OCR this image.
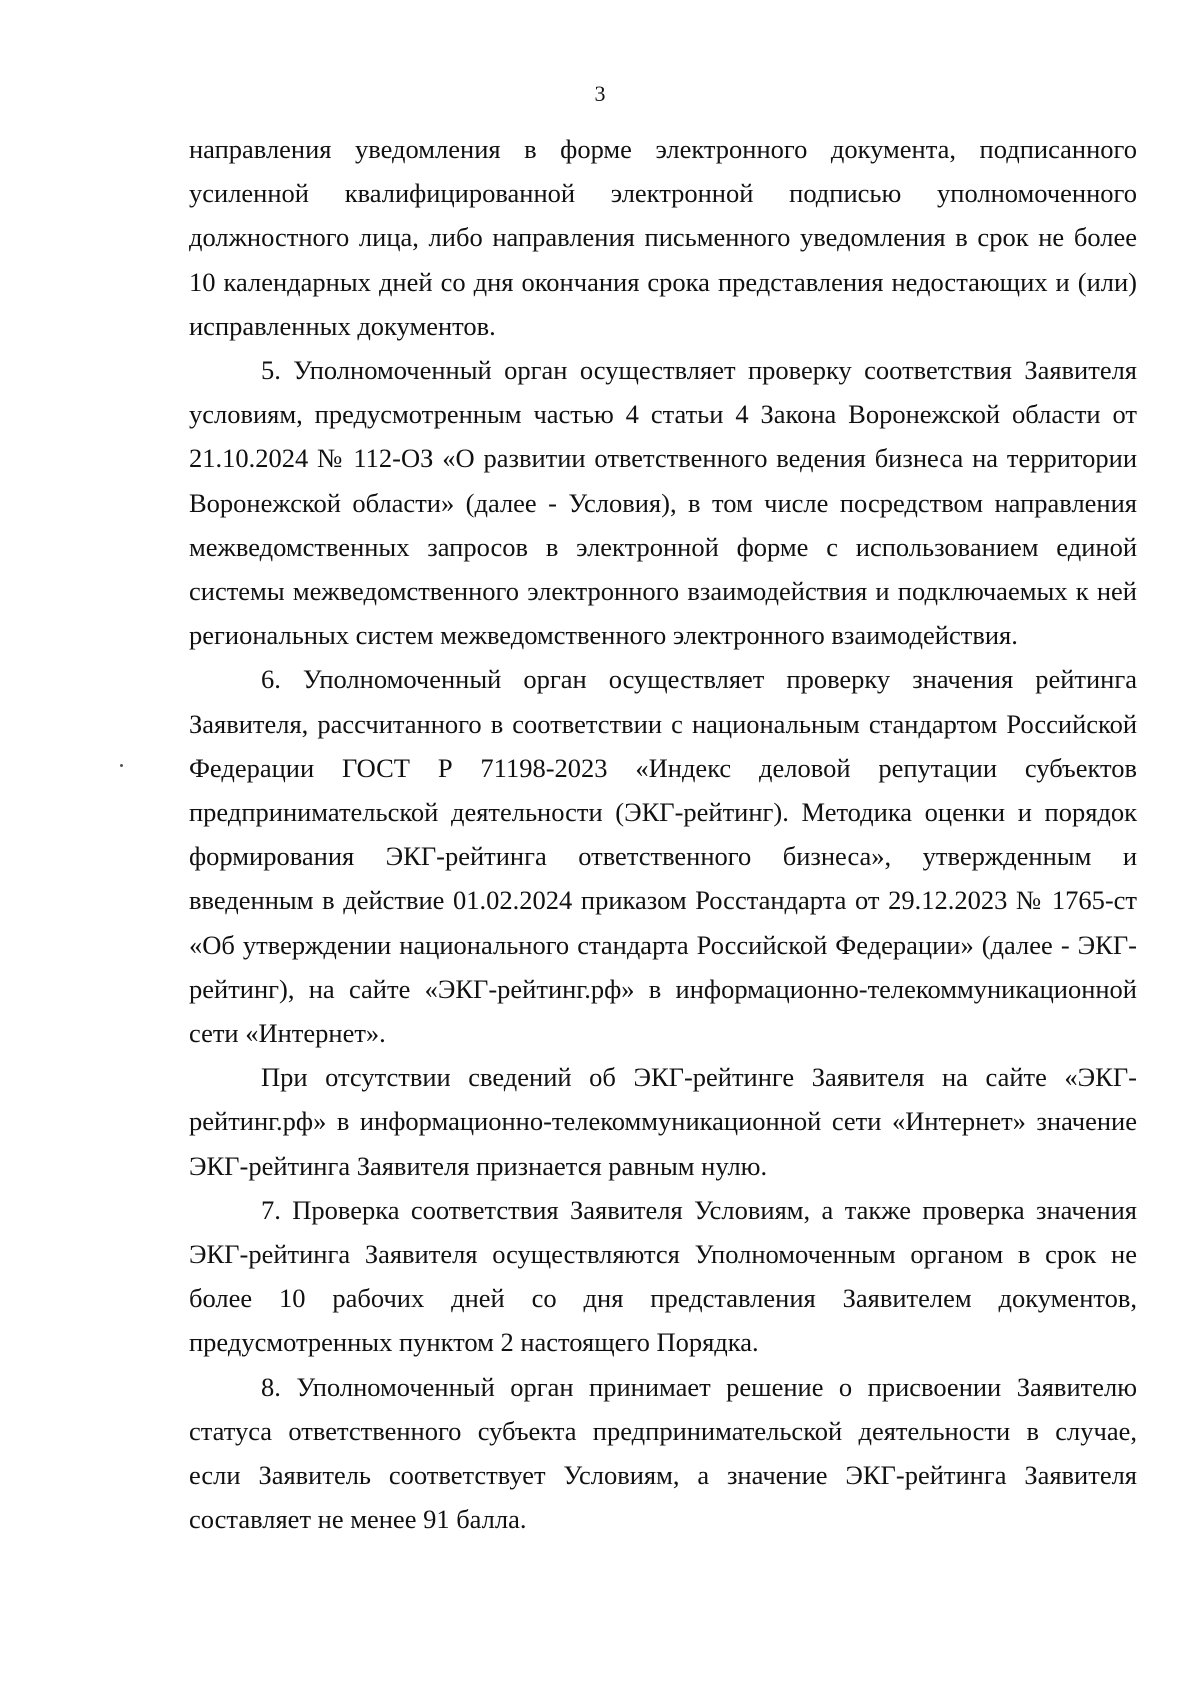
3

направления уведомления в форме электронного документа, подписанного усиленной квалифицированной электронной подписью уполномоченного должностного лица, либо направления письменного уведомления в срок не более 10 календарных дней со дня окончания срока представления недостающих и (или) исправленных документов.

5. Уполномоченный орган осуществляет проверку соответствия Заявителя условиям, предусмотренным частью 4 статьи 4 Закона Воронежской области от 21.10.2024 № 112-ОЗ «О развитии ответственного ведения бизнеса на территории Воронежской области» (далее - Условия), в том числе посредством направления межведомственных запросов в электронной форме с использованием единой системы межведомственного электронного взаимодействия и подключаемых к ней региональных систем межведомственного электронного взаимодействия.

6. Уполномоченный орган осуществляет проверку значения рейтинга Заявителя, рассчитанного в соответствии с национальным стандартом Российской Федерации ГОСТ Р 71198-2023 «Индекс деловой репутации субъектов предпринимательской деятельности (ЭКГ-рейтинг). Методика оценки и порядок формирования ЭКГ-рейтинга ответственного бизнеса», утвержденным и введенным в действие 01.02.2024 приказом Росстандарта от 29.12.2023 № 1765-ст «Об утверждении национального стандарта Российской Федерации» (далее - ЭКГ-рейтинг), на сайте «ЭКГ-рейтинг.рф» в информационно-телекоммуникационной сети «Интернет».

При отсутствии сведений об ЭКГ-рейтинге Заявителя на сайте «ЭКГ-рейтинг.рф» в информационно-телекоммуникационной сети «Интернет» значение ЭКГ-рейтинга Заявителя признается равным нулю.

7. Проверка соответствия Заявителя Условиям, а также проверка значения ЭКГ-рейтинга Заявителя осуществляются Уполномоченным органом в срок не более 10 рабочих дней со дня представления Заявителем документов, предусмотренных пунктом 2 настоящего Порядка.

8. Уполномоченный орган принимает решение о присвоении Заявителю статуса ответственного субъекта предпринимательской деятельности в случае, если Заявитель соответствует Условиям, а значение ЭКГ-рейтинга Заявителя составляет не менее 91 балла.
